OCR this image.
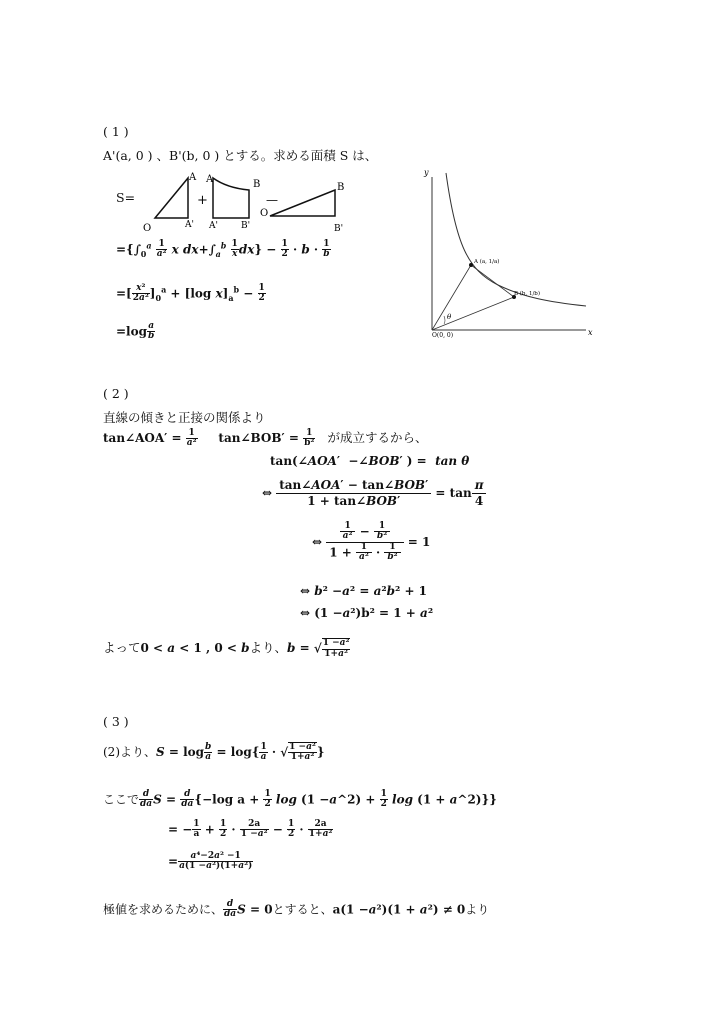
( 1 )
A'(a, 0 ) 、B'(b, 0 ) とする。求める面積 S は、
S=
O
A
A'
+
A
A'	B'
B
—
O
B
B'
$=\{\int_0^a \frac{1}{\text{a²}}$ x $dx+\int_a^b \frac{1}{x} dx\} - \frac{1}{2} \cdot b \cdot \frac{1}{b}$
=[ $\frac{\text{x²}}{\text{2a²}} ]_0^a + [\log$ $x]_a^b - \frac{1}{2}$
$=\log \frac{a}{b}$
y
x
O(0, 0)
A (a, 1/a)
B (b, 1/b)
θ
( 2 )
直線の傾きと正接の関係より
tan∠AOA′ = $\frac{1}{\text{a²}}$ tan∠BOB′ = $\frac{1}{\text{b²}}$ が成立するから、
tan(∠AOA′  −∠BOB′ ) =  tan θ
⇔
tan∠AOA′ − tan∠BOB′
1 + tan∠BOB′
= $\tan \frac{\pi}{4}$
⇔ $\frac{\frac{1}{\text{a²}} - \frac{1}{\text{b²}}}{1 + \frac{1}{\text{a²}} \cdot \frac{1}{\text{b²}}} = 1$
⇔ b² −a² = a²b² + 1
⇔ (1 −a²)b² = 1 + a²
よって0 < a < 1 , 0 < bより、b = √ $\frac{\text{1 −a²}}{\text{1+a²}}$
( 3 )
(2)より、$S = \log \frac{b}{a} = \log\{ \frac{1}{a}$ · √ $\frac{\text{1 −a²}}{\text{1+a²}}$ }
ここで $\frac{d}{da}$ $S = \frac{d}{da} \{-\log$ $a + \frac{1}{2}$ log (1 −a^2) + $\frac{1}{2}$ log (1 + a^2)}}
= − $\frac{1}{a} + \frac{1}{2} \cdot \frac{2a}{\text{1 −a²}} - \frac{1}{2} \cdot \frac{2a}{\text{1+a²}}$
= $\frac{\text{a⁴−2a² −1}}{\text{a(1 −a²)(1+a²)}}$
極値を求めるために、 $\frac{d}{da}$ S = 0とすると、a(1 −a²)(1 + a²) ≠ 0より
